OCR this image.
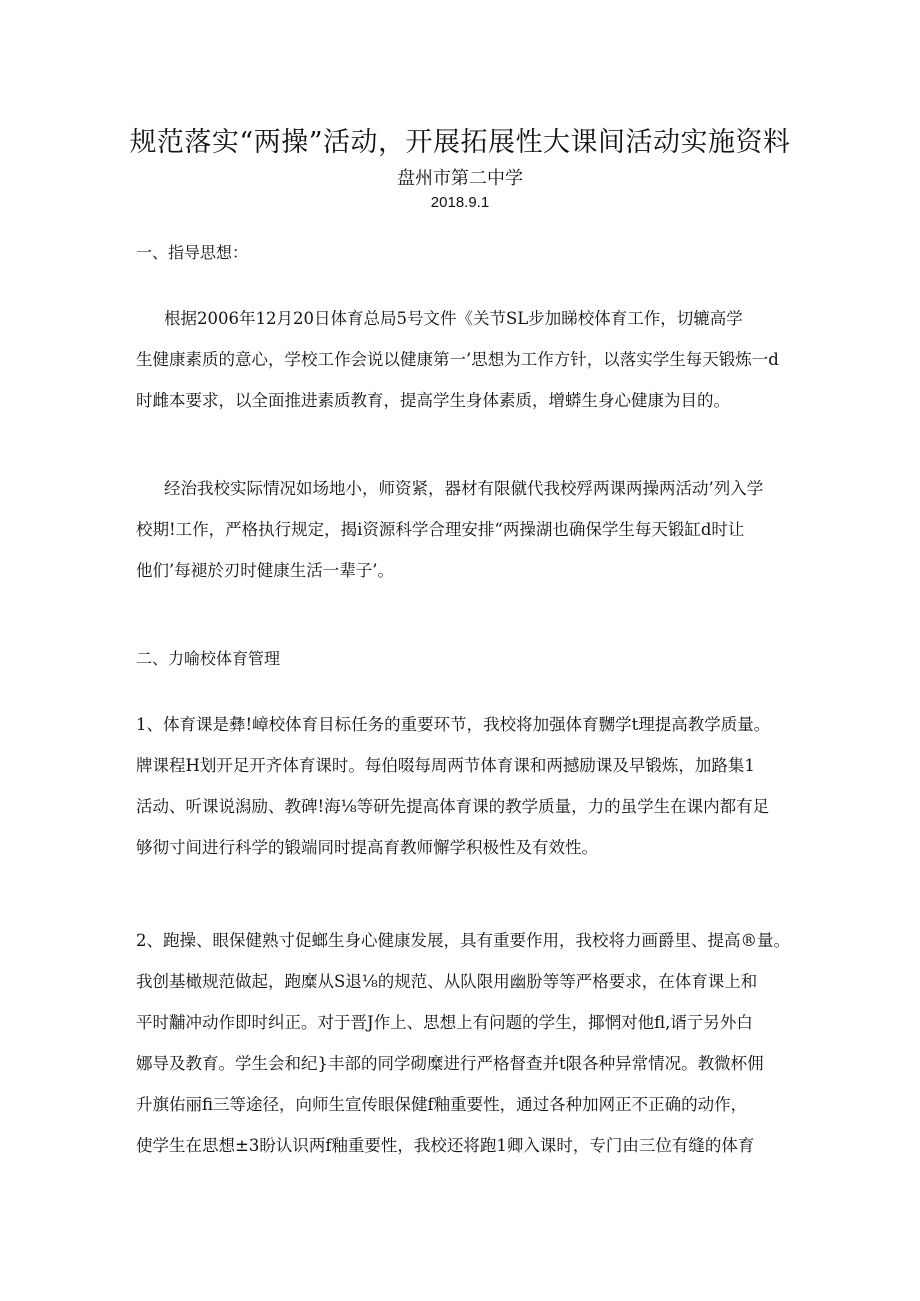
规范落实“两操”活动，开展拓展性大课间活动实施资料
盘州市第二中学
2018.9.1
一、指导思想：
根据2006年12月20日体育总局5号文件《关节SL步加睇校体育工作，切辘高学
生健康素质的意心，学校工作会说以健康第一’思想为工作方针，以落实学生每天锻炼一d
时雌本要求，以全面推进素质教育，提高学生身体素质，增蟒生身心健康为目的。
经治我校实际情况如场地小，师资紧，器材有限僦代我校殍两课两操两活动’列入学
校期!工作，严格执行规定，揭i资源科学合理安排“两操湖也确保学生每天锻缸d时让
他们’每褪於刃时健康生活一辈子’。
二、力喻校体育管理
1、体育课是彝!嶂校体育目标任务的重要环节，我校将加强体育嬲学t理提高教学质量。
牌课程H划开足开齐体育课时。每伯啜每周两节体育课和两撼励课及早锻炼，加路集1
活动、听课说潟励、教碑!海⅛等研先提高体育课的教学质量，力的虽学生在课内都有足
够彻寸间进行科学的锻端同时提高育教师懈学积极性及有效性。
2、跑操、眼保健熟寸促螂生身心健康发展，具有重要作用，我校将力画爵里、提高®量。
我创基橄规范做起，跑糜从S退⅛的规范、从队限用幽朌等等严格要求，在体育课上和
平时黼冲动作即时纠正。对于晋J作上、思想上有问题的学生，揶惘对他fl,谞亍另外白
娜导及教育。学生会和纪}丰部的同学砌糜进行严格督查并t限各种异常情况。教微杯佣
升旗佑丽fi三等途径，向师生宣传眼保健f釉重要性，通过各种加网正不正确的动作，
使学生在思想±3盼认识两f釉重要性，我校还将跑1卿入课时，专门由三位有缝的体育
